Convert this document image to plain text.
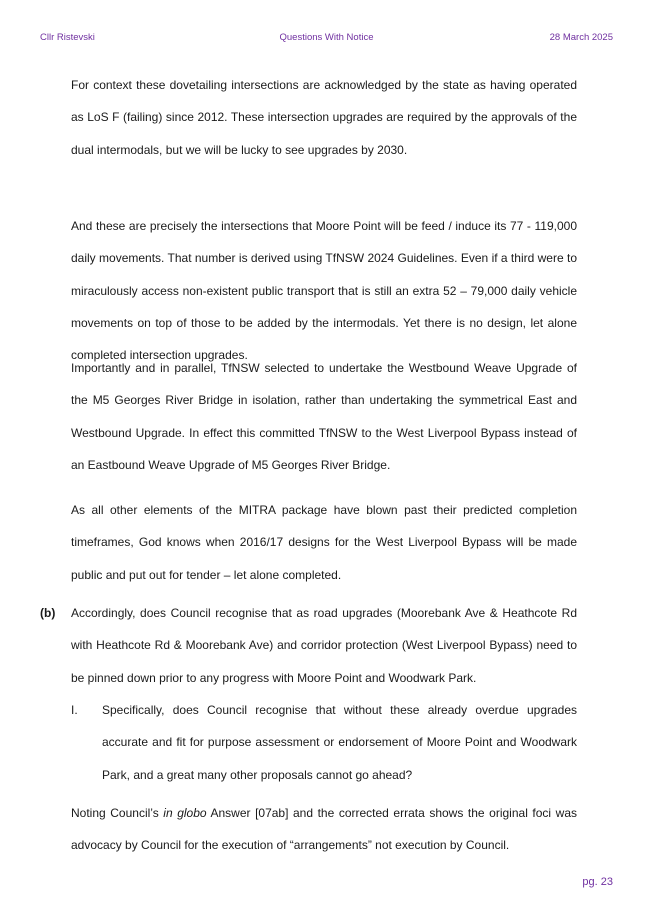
Cllr Ristevski	Questions With Notice	28 March 2025
For context these dovetailing intersections are acknowledged by the state as having operated as LoS F (failing) since 2012. These intersection upgrades are required by the approvals of the dual intermodals, but we will be lucky to see upgrades by 2030.
And these are precisely the intersections that Moore Point will be feed / induce its 77 - 119,000 daily movements. That number is derived using TfNSW 2024 Guidelines. Even if a third were to miraculously access non-existent public transport that is still an extra 52 – 79,000 daily vehicle movements on top of those to be added by the intermodals. Yet there is no design, let alone completed intersection upgrades.
Importantly and in parallel, TfNSW selected to undertake the Westbound Weave Upgrade of the M5 Georges River Bridge in isolation, rather than undertaking the symmetrical East and Westbound Upgrade. In effect this committed TfNSW to the West Liverpool Bypass instead of an Eastbound Weave Upgrade of M5 Georges River Bridge.
As all other elements of the MITRA package have blown past their predicted completion timeframes, God knows when 2016/17 designs for the West Liverpool Bypass will be made public and put out for tender – let alone completed.
(b) Accordingly, does Council recognise that as road upgrades (Moorebank Ave & Heathcote Rd with Heathcote Rd & Moorebank Ave) and corridor protection (West Liverpool Bypass) need to be pinned down prior to any progress with Moore Point and Woodwark Park.
I. Specifically, does Council recognise that without these already overdue upgrades accurate and fit for purpose assessment or endorsement of Moore Point and Woodwark Park, and a great many other proposals cannot go ahead?
Noting Council’s in globo Answer [07ab] and the corrected errata shows the original foci was advocacy by Council for the execution of “arrangements” not execution by Council.
pg. 23
